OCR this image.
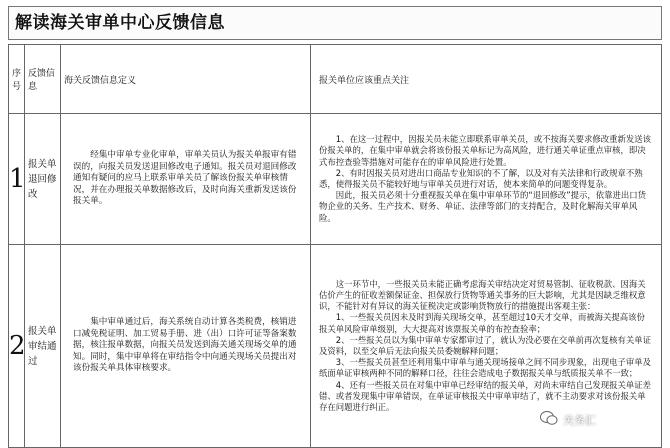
解读海关审单中心反馈信息
序号	反馈信息	海关反馈信息定义	报关单位应该重点关注
1	报关单退回修改	经集中审单专业化审单，审单关员认为报关单报审有错误的，向报关员发送退回修改电子通知。报关员对退回修改通知有疑问的应马上联系审单关员了解该份报关单审核情况，并在办理报关单数据修改后，及时向海关重新发送该份报关单。	1、在这一过程中，因报关员未能立即联系审单关员，或不按海关要求修改重新发送该份报关单的，在集中审单就会将该份报关单标记为高风险，进行通关单证重点审核，即决式布控查验等措施对可能存在的审单风险进行处置。

2、有时因报关员对进出口商品专业知识的不了解，以及对有关法律和行政规章不熟悉，使得报关员不能较好地与审单关员进行对话，使本来简单的问题变得复杂。

因此，报关员必须十分重视报关单在集中审单环节的“退回修改”提示，依靠进出口货物企业的关务、生产技术、财务、单证、法律等部门的支持配合，及时化解海关审单风险。

2	报关单审结通过	集中审单通过后，海关系统自动计算各类税费，核销进口减免税证明、加工贸易手册、进（出）口许可证等备案数据，核注报单数据，向报关员发送到海关通关现场交单的通知。同时，集中审单将在审结指令中向通关现场关员提出对该份报关单具体审核要求。	这一环节中，一些报关员未能正确考虑海关审结决定对贸易管制、征收税款、因海关估价产生的征收差额保证金、担保放行货物等通关事务的巨大影响，尤其是因缺乏维权意识，不能针对有异议的海关征税决定或影响货物放行的措施提出客观主张：

1、一些报关员因未及时到海关现场交单，甚至超过10天才交单，而被海关提高该份报关单风险审单级别，大大提高对该票报关单的布控查验率；

2、一些报关员以为集中审单专家都审过了，就认为没必要在交单前再次复核有关单证及资料，以至交单后无法向报关员委婉解释问题；

3、一些报关员甚至还利用集中审单与通关现场接单之间不同步现象，出现电子审单及纸面单证审核两种不同的解释口径，往往会造成电子数据报关单与纸质报关单不一致；

4、还有一些报关员在对集中审单已经审结的报关单，对尚未审结自己发现报关单证差错、或者发现集中审单错误，在单证审核报关中审单审结了，就不主动要求对该份报关单存在问题进行纠正。

关务汇
